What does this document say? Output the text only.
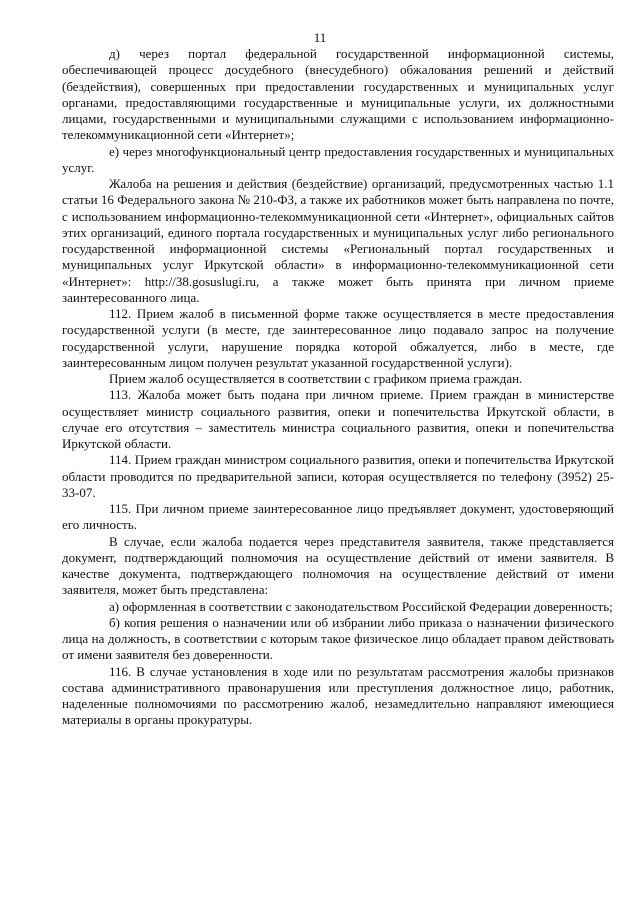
11

д) через портал федеральной государственной информационной системы, обеспечивающей процесс досудебного (внесудебного) обжалования решений и действий (бездействия), совершенных при предоставлении государственных и муниципальных услуг органами, предоставляющими государственные и муниципальные услуги, их должностными лицами, государственными и муниципальными служащими с использованием информационно-телекоммуникационной сети «Интернет»;

е) через многофункциональный центр предоставления государственных и муниципальных услуг.

Жалоба на решения и действия (бездействие) организаций, предусмотренных частью 1.1 статьи 16 Федерального закона № 210-ФЗ, а также их работников может быть направлена по почте, с использованием информационно-телекоммуникационной сети «Интернет», официальных сайтов этих организаций, единого портала государственных и муниципальных услуг либо регионального государственной информационной системы «Региональный портал государственных и муниципальных услуг Иркутской области» в информационно-телекоммуникационной сети «Интернет»: http://38.gosuslugi.ru, а также может быть принята при личном приеме заинтересованного лица.

112. Прием жалоб в письменной форме также осуществляется в месте предоставления государственной услуги (в месте, где заинтересованное лицо подавало запрос на получение государственной услуги, нарушение порядка которой обжалуется, либо в месте, где заинтересованным лицом получен результат указанной государственной услуги).

Прием жалоб осуществляется в соответствии с графиком приема граждан.

113. Жалоба может быть подана при личном приеме. Прием граждан в министерстве осуществляет министр социального развития, опеки и попечительства Иркутской области, в случае его отсутствия – заместитель министра социального развития, опеки и попечительства Иркутской области.

114. Прием граждан министром социального развития, опеки и попечительства Иркутской области проводится по предварительной записи, которая осуществляется по телефону (3952) 25-33-07.

115. При личном приеме заинтересованное лицо предъявляет документ, удостоверяющий его личность.

В случае, если жалоба подается через представителя заявителя, также представляется документ, подтверждающий полномочия на осуществление действий от имени заявителя. В качестве документа, подтверждающего полномочия на осуществление действий от имени заявителя, может быть представлена:

а) оформленная в соответствии с законодательством Российской Федерации доверенность;

б) копия решения о назначении или об избрании либо приказа о назначении физического лица на должность, в соответствии с которым такое физическое лицо обладает правом действовать от имени заявителя без доверенности.

116. В случае установления в ходе или по результатам рассмотрения жалобы признаков состава административного правонарушения или преступления должностное лицо, работник, наделенные полномочиями по рассмотрению жалоб, незамедлительно направляют имеющиеся материалы в органы прокуратуры.
